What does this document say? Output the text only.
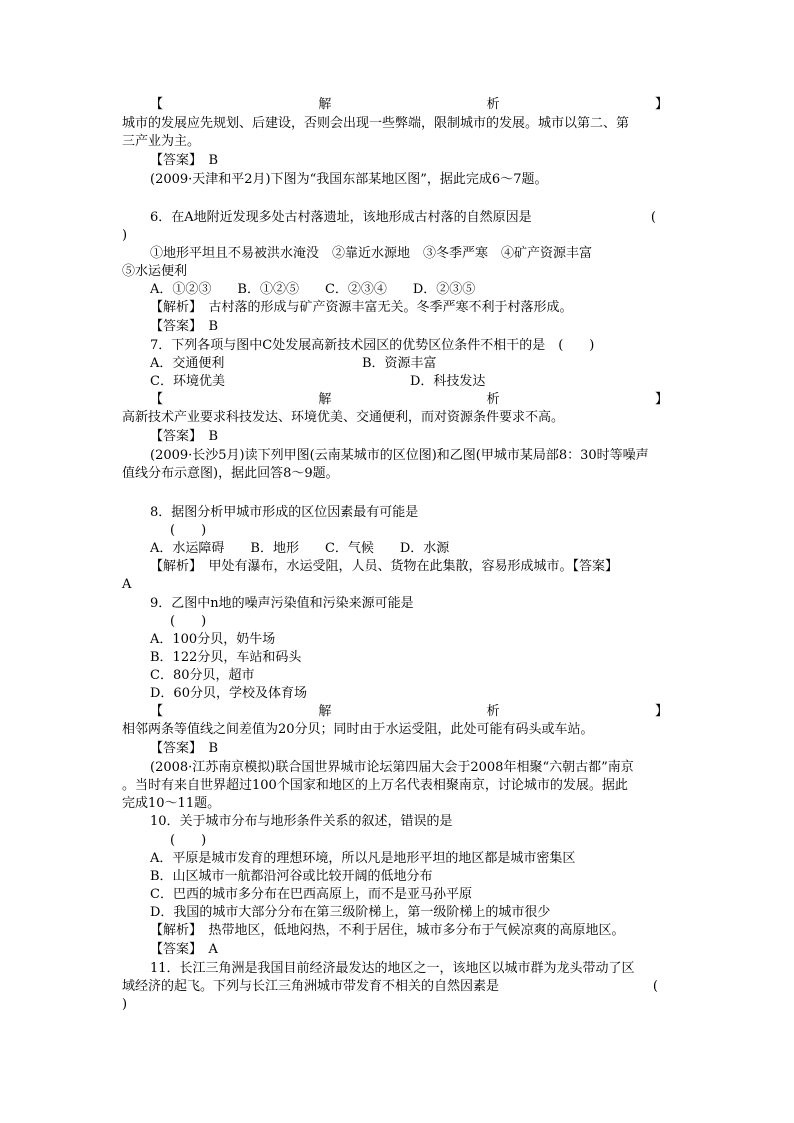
【	解	析	】
城市的发展应先规划、后建设，否则会出现一些弊端，限制城市的发展。城市以第二、第
三产业为主。
【答案】　B
(2009·天津和平2月)下图为“我国东部某地区图”，据此完成6～7题。
6．在A地附近发现多处古村落遗址，该地形成古村落的自然原因是	(
)
①地形平坦且不易被洪水淹没　②靠近水源地　③冬季严寒　④矿产资源丰富
⑤水运便利
A．①②③　　B．①②⑤　　C．②③④　　D．②③⑤
【解析】　古村落的形成与矿产资源丰富无关。冬季严寒不利于村落形成。
【答案】　B
7．下列各项与图中C处发展高新技术园区的优势区位条件不相干的是　(　　)
A．交通便利	B．资源丰富
C．环境优美	D．科技发达
【	解	析	】
高新技术产业要求科技发达、环境优美、交通便利，而对资源条件要求不高。
【答案】　B
(2009·长沙5月)读下列甲图(云南某城市的区位图)和乙图(甲城市某局部8：30时等噪声
值线分布示意图)，据此回答8～9题。
8．据图分析甲城市形成的区位因素最有可能是
(　　)
A．水运障碍　　B．地形　　C．气候　　D．水源
【解析】　甲处有瀑布，水运受阻，人员、货物在此集散，容易形成城市。【答案】
A
9．乙图中n地的噪声污染值和污染来源可能是
(　　)
A．100分贝，奶牛场
B．122分贝，车站和码头
C．80分贝，超市
D．60分贝，学校及体育场
【	解	析	】
相邻两条等值线之间差值为20分贝；同时由于水运受阻，此处可能有码头或车站。
【答案】　B
(2008·江苏南京模拟)联合国世界城市论坛第四届大会于2008年相聚“六朝古都”南京
。当时有来自世界超过100个国家和地区的上万名代表相聚南京，讨论城市的发展。据此
完成10～11题。
10．关于城市分布与地形条件关系的叙述，错误的是
(　　)
A．平原是城市发育的理想环境，所以凡是地形平坦的地区都是城市密集区
B．山区城市一航都沿河谷或比较开阔的低地分布
C．巴西的城市多分布在巴西高原上，而不是亚马孙平原
D．我国的城市大部分分布在第三级阶梯上，第一级阶梯上的城市很少
【解析】　热带地区，低地闷热，不利于居住，城市多分布于气候凉爽的高原地区。
【答案】　A
11．长江三角洲是我国目前经济最发达的地区之一，该地区以城市群为龙头带动了区
域经济的起飞。下列与长江三角洲城市带发育不相关的自然因素是	(
)
